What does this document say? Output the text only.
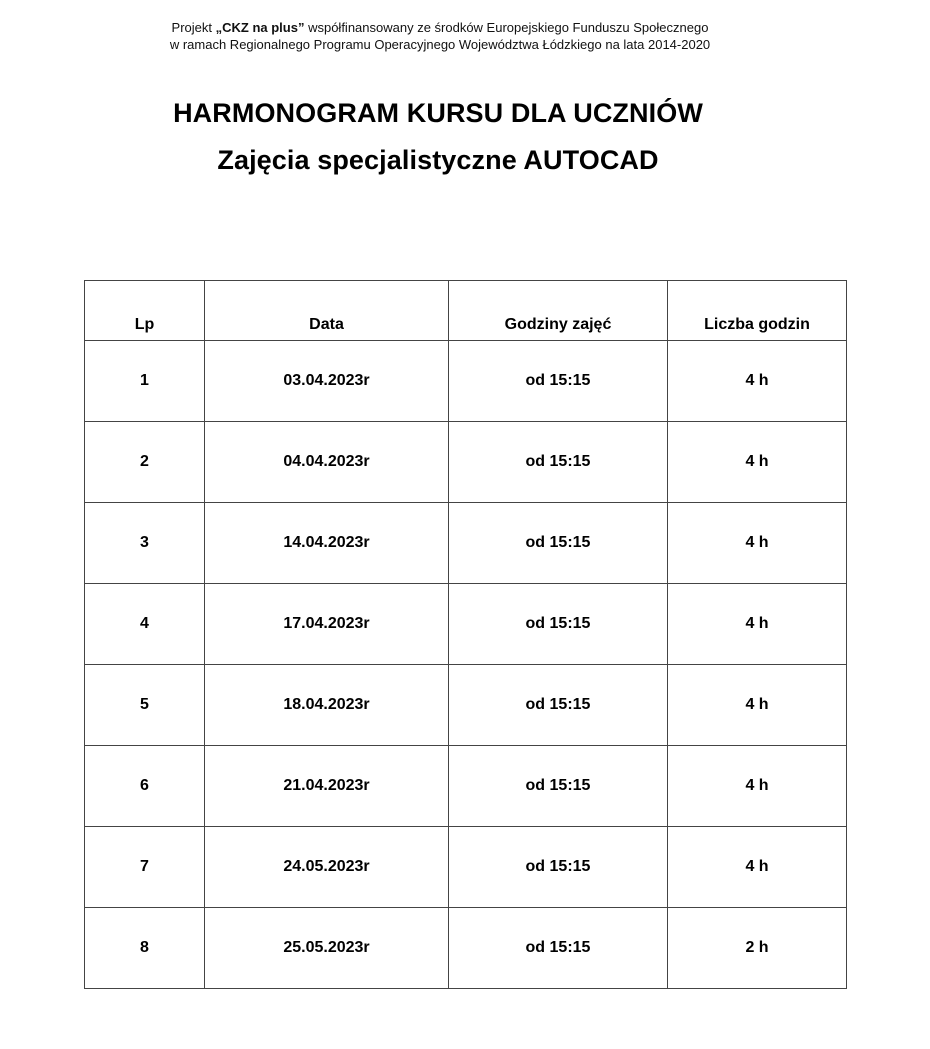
Projekt „CKZ na plus” współfinansowany ze środków Europejskiego Funduszu Społecznego
w ramach Regionalnego Programu Operacyjnego Województwa Łódzkiego na lata 2014-2020
HARMONOGRAM KURSU DLA UCZNIÓW
Zajęcia specjalistyczne AUTOCAD
Lp	Data	Godziny zajęć	Liczba godzin
1	03.04.2023r	od 15:15	4 h
2	04.04.2023r	od 15:15	4 h
3	14.04.2023r	od 15:15	4 h
4	17.04.2023r	od 15:15	4 h
5	18.04.2023r	od 15:15	4 h
6	21.04.2023r	od 15:15	4 h
7	24.05.2023r	od 15:15	4 h
8	25.05.2023r	od 15:15	2 h
